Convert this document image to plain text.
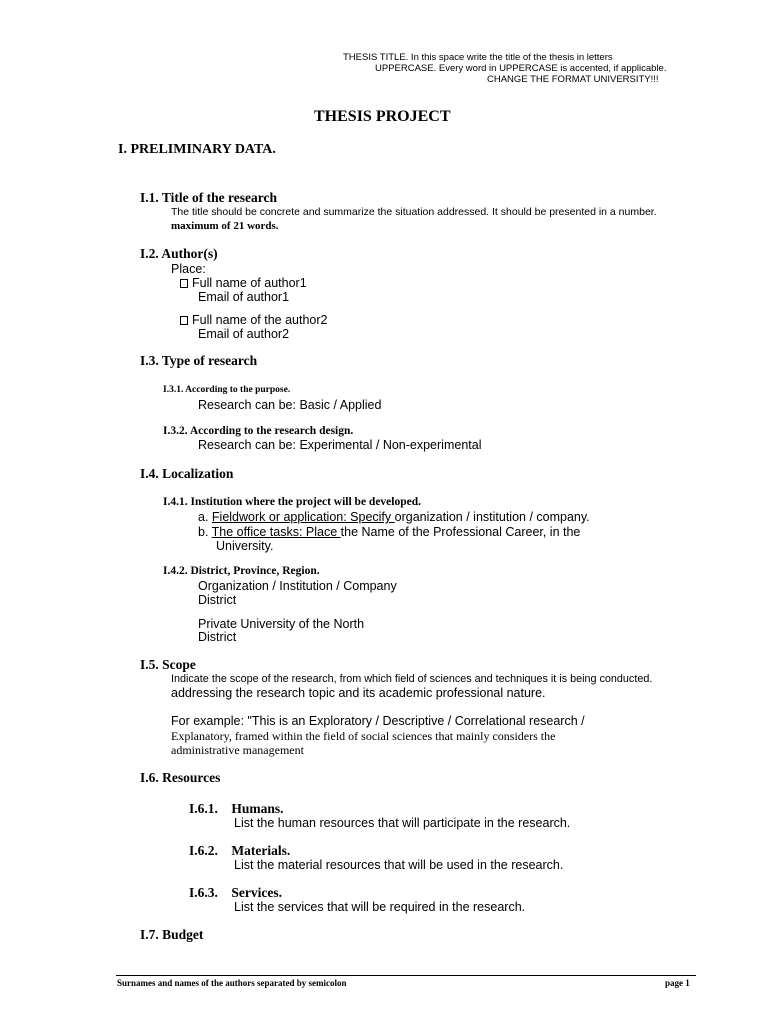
THESIS TITLE. In this space write the title of the thesis in letters
UPPERCASE. Every word in UPPERCASE is accented, if applicable.
CHANGE THE FORMAT UNIVERSITY!!!
THESIS PROJECT
I. PRELIMINARY DATA.
I.1. Title of the research
The title should be concrete and summarize the situation addressed. It should be presented in a number.
maximum of 21 words.
I.2. Author(s)
Place:
Full name of author1
Email of author1
Full name of the author2
Email of author2
I.3. Type of research
I.3.1. According to the purpose.
Research can be: Basic / Applied
I.3.2. According to the research design.
Research can be: Experimental / Non-experimental
I.4. Localization
I.4.1. Institution where the project will be developed.
a. Fieldwork or application: Specify organization / institution / company.
b. The office tasks: Place the Name of the Professional Career, in the
University.
I.4.2. District, Province, Region.
Organization / Institution / Company
District
Private University of the North
District
I.5. Scope
Indicate the scope of the research, from which field of sciences and techniques it is being conducted.
addressing the research topic and its academic professional nature.
For example: "This is an Exploratory / Descriptive / Correlational research /
Explanatory, framed within the field of social sciences that mainly considers the
administrative management
I.6. Resources
I.6.1.    Humans.
List the human resources that will participate in the research.
I.6.2.    Materials.
List the material resources that will be used in the research.
I.6.3.    Services.
List the services that will be required in the research.
I.7. Budget
Surnames and names of the authors separated by semicolon	page 1
